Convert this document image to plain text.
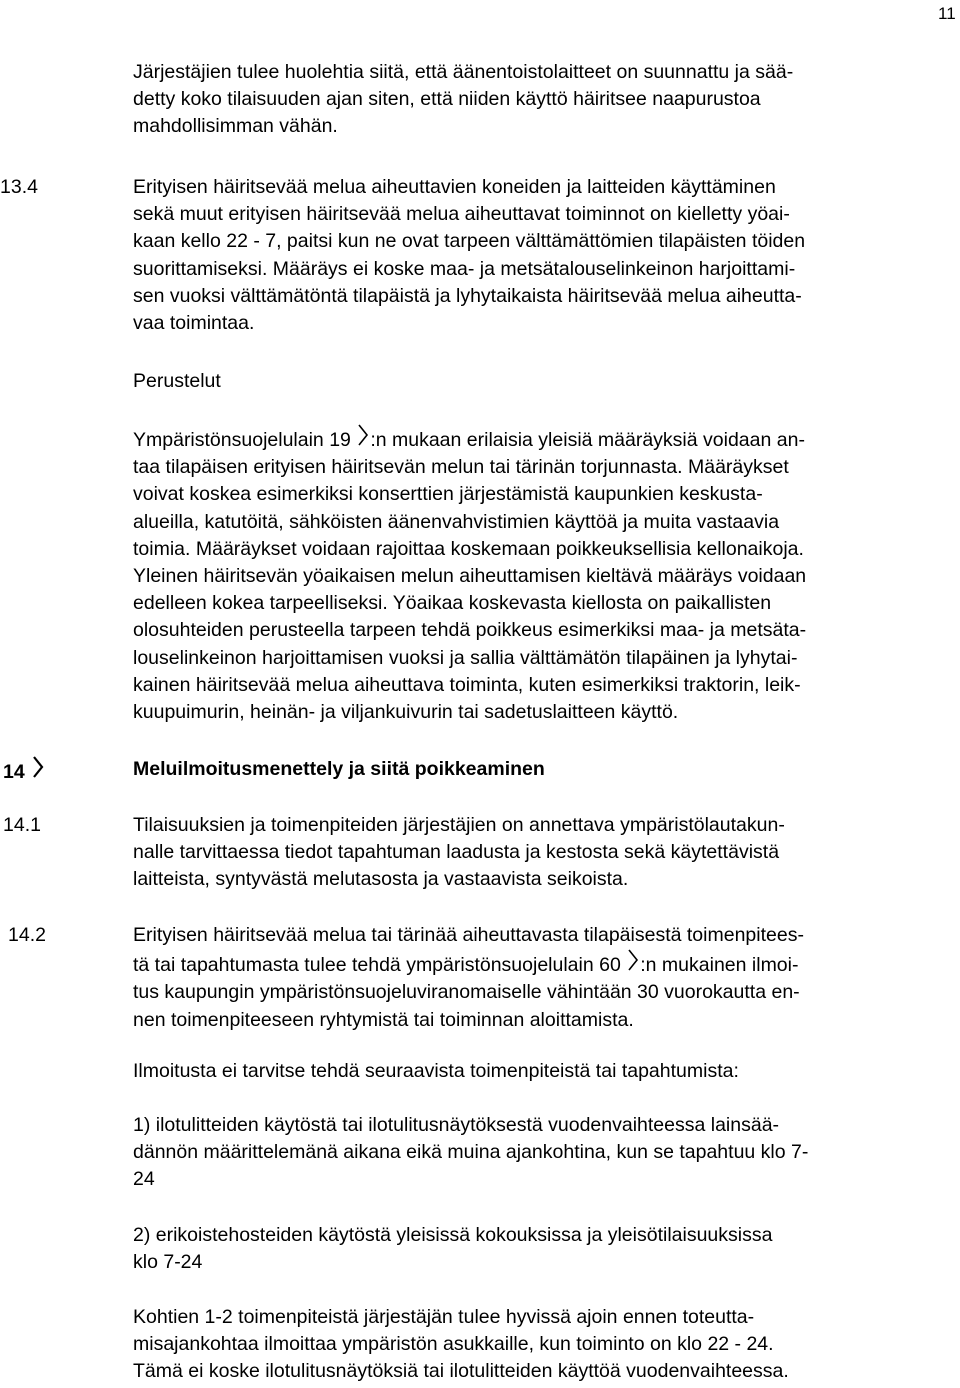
11
Järjestäjien tulee huolehtia siitä, että äänentoistolaitteet on suunnattu ja sää-
detty koko tilaisuuden ajan siten, että niiden käyttö häiritsee naapurustoa
mahdollisimman vähän.
13.4	Erityisen häiritsevää melua aiheuttavien koneiden ja laitteiden käyttäminen
sekä muut erityisen häiritsevää melua aiheuttavat toiminnot on kielletty yöai-
kaan kello 22 - 7, paitsi kun ne ovat tarpeen välttämättömien tilapäisten töiden
suorittamiseksi. Määräys ei koske maa- ja metsätalouselinkeinon harjoittami-
sen vuoksi välttämätöntä tilapäistä ja lyhytaikaista häiritsevää melua aiheutta-
vaa toimintaa.
Perustelut
Ympäristönsuojelulain 19 :n mukaan erilaisia yleisiä määräyksiä voidaan an-
taa tilapäisen erityisen häiritsevän melun tai tärinän torjunnasta. Määräykset
voivat koskea esimerkiksi konserttien järjestämistä kaupunkien keskusta-
alueilla, katutöitä, sähköisten äänenvahvistimien käyttöä ja muita vastaavia
toimia. Määräykset voidaan rajoittaa koskemaan poikkeuksellisia kellonaikoja.
Yleinen häiritsevän yöaikaisen melun aiheuttamisen kieltävä määräys voidaan
edelleen kokea tarpeelliseksi. Yöaikaa koskevasta kiellosta on paikallisten
olosuhteiden perusteella tarpeen tehdä poikkeus esimerkiksi maa- ja metsäta-
louselinkeinon harjoittamisen vuoksi ja sallia välttämätön tilapäinen ja lyhytai-
kainen häiritsevää melua aiheuttava toiminta, kuten esimerkiksi traktorin, leik-
kuupuimurin, heinän- ja viljankuivurin tai sadetuslaitteen käyttö.
14	Meluilmoitusmenettely ja siitä poikkeaminen
14.1	Tilaisuuksien ja toimenpiteiden järjestäjien on annettava ympäristölautakun-
nalle tarvittaessa tiedot tapahtuman laadusta ja kestosta sekä käytettävistä
laitteista, syntyvästä melutasosta ja vastaavista seikoista.
14.2	Erityisen häiritsevää melua tai tärinää aiheuttavasta tilapäisestä toimenpitees-
tä tai tapahtumasta tulee tehdä ympäristönsuojelulain 60 :n mukainen ilmoi-
tus kaupungin ympäristönsuojeluviranomaiselle vähintään 30 vuorokautta en-
nen toimenpiteeseen ryhtymistä tai toiminnan aloittamista.
Ilmoitusta ei tarvitse tehdä seuraavista toimenpiteistä tai tapahtumista:
1) ilotulitteiden käytöstä tai ilotulitusnäytöksestä vuodenvaihteessa lainsää-
dännön määrittelemänä aikana eikä muina ajankohtina, kun se tapahtuu klo 7-
24
2) erikoistehosteiden käytöstä yleisissä kokouksissa ja yleisötilaisuuksissa
klo 7-24
Kohtien 1-2 toimenpiteistä järjestäjän tulee hyvissä ajoin ennen toteutta-
misajankohtaa ilmoittaa ympäristön asukkaille, kun toiminto on klo 22 - 24.
Tämä ei koske ilotulitusnäytöksiä tai ilotulitteiden käyttöä vuodenvaihteessa.
